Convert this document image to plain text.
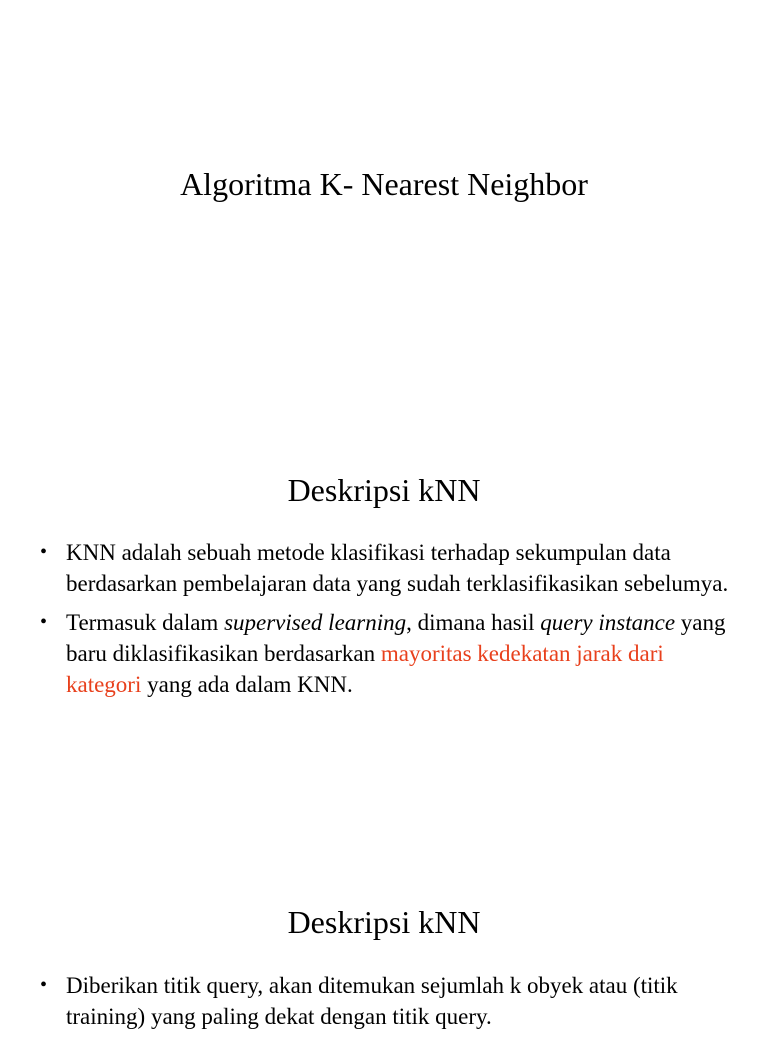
Algoritma K- Nearest Neighbor
Deskripsi kNN
• KNN adalah sebuah metode klasifikasi terhadap sekumpulan data berdasarkan pembelajaran data yang sudah terklasifikasikan sebelumya.
• Termasuk dalam supervised learning, dimana hasil query instance yang baru diklasifikasikan berdasarkan mayoritas kedekatan jarak dari kategori yang ada dalam KNN.
Deskripsi kNN
• Diberikan titik query, akan ditemukan sejumlah k obyek atau (titik training) yang paling dekat dengan titik query.
